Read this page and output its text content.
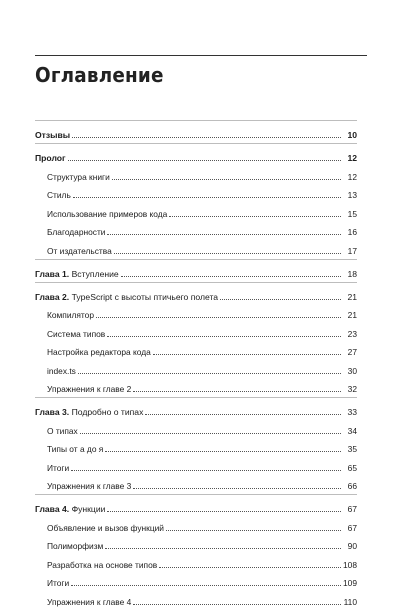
Оглавление
Отзывы	10
Пролог	12
Структура книги	12
Стиль	13
Использование примеров кода	15
Благодарности	16
От издательства	17
Глава 1. Вступление	18
Глава 2. TypeScript с высоты птичьего полета	21
Компилятор	21
Система типов	23
Настройка редактора кода	27
index.ts	30
Упражнения к главе 2	32
Глава 3. Подробно о типах	33
О типах	34
Типы от а до я	35
Итоги	65
Упражнения к главе 3	66
Глава 4. Функции	67
Объявление и вызов функций	67
Полиморфизм	90
Разработка на основе типов	108
Итоги	109
Упражнения к главе 4	110
